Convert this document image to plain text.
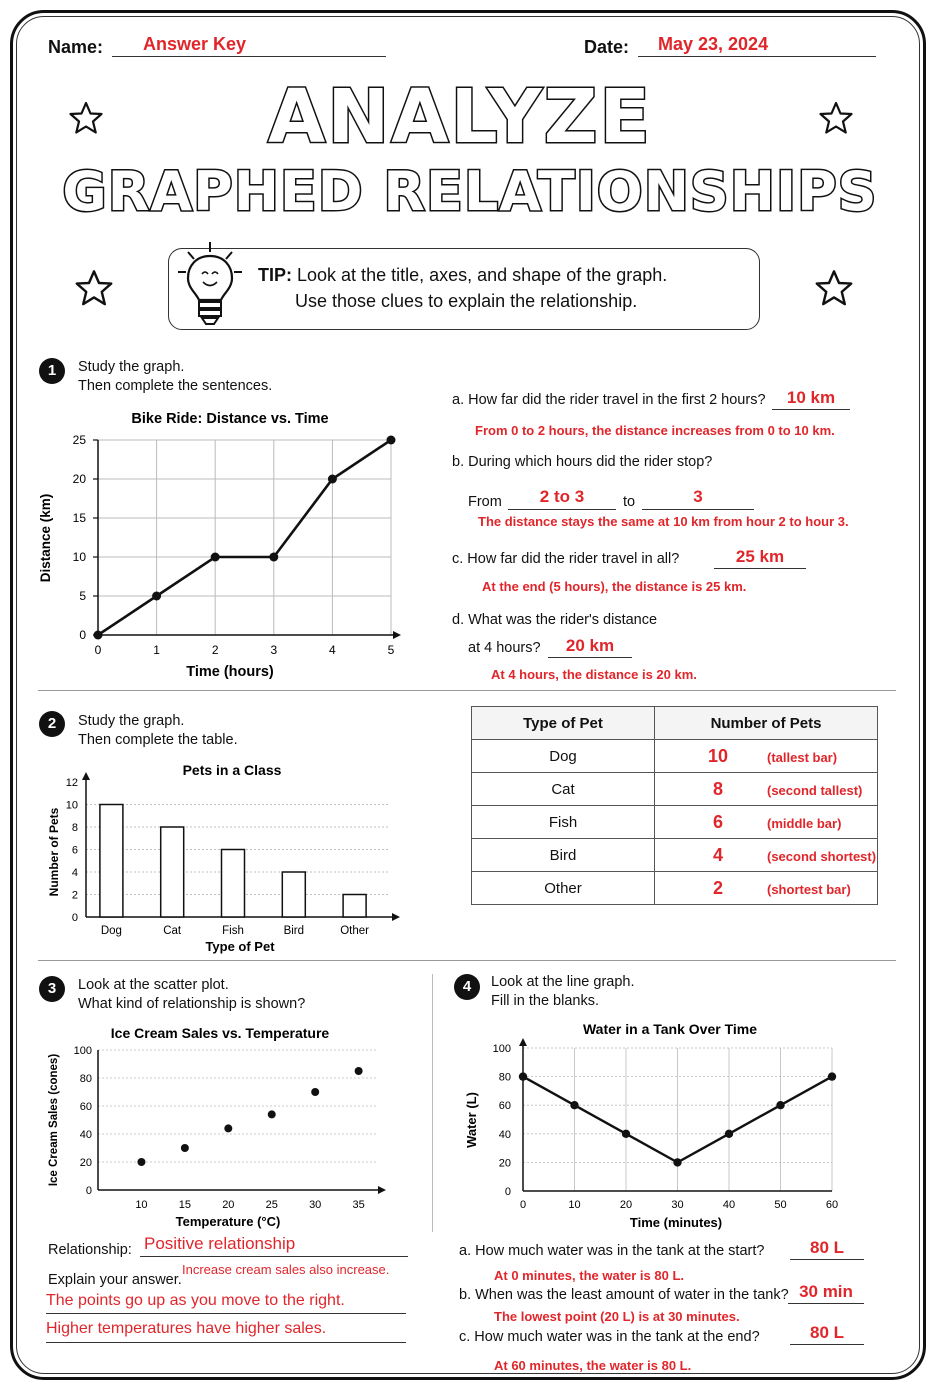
Name: Answer Key	Date: May 23, 2024
ANALYZE
GRAPHED RELATIONSHIPS
TIP: Look at the title, axes, and shape of the graph.
Use those clues to explain the relationship.
1	Study the graph.
Then complete the sentences.
Bike Ride: Distance vs. Time
Time (hours)
Distance (km)
0	1	2	3	4	5
0
5
10
15
20
25
a. How far did the rider travel in the first 2 hours?	10 km
From 0 to 2 hours, the distance increases from 0 to 10 km.
b. During which hours did the rider stop?
From	2 to 3	to	3
The distance stays the same at 10 km from hour 2 to hour 3.
c. How far did the rider travel in all?	25 km
At the end (5 hours), the distance is 25 km.
d. What was the rider's distance
at 4 hours?	20 km
At 4 hours, the distance is 20 km.
2	Study the graph.
Then complete the table.
Pets in a Class
Type of Pet
Number of Pets
0
2
4
6
8
10
12
Dog	Cat	Fish	Bird	Other
Type of Pet	Number of Pets
Dog	10 (tallest bar)
Cat	8 (second tallest)
Fish	6 (middle bar)
Bird	4 (second shortest)
Other	2 (shortest bar)
3	Look at the scatter plot.
What kind of relationship is shown?
Ice Cream Sales vs. Temperature
Temperature (°C)
Ice Cream Sales (cones)
0
20
40
60
80
100
10	15	20	25	30	35
Relationship: Positive relationship
Explain your answer.
Increase cream sales also increase.
The points go up as you move to the right.
Higher temperatures have higher sales.
4	Look at the line graph.
Fill in the blanks.
Water in a Tank Over Time
Time (minutes)
Water (L)
0	10	20	30	40	50	60
0
20
40
60
80
100
a. How much water was in the tank at the start?	80 L
At 0 minutes, the water is 80 L.
b. When was the least amount of water in the tank? 30 min
The lowest point (20 L) is at 30 minutes.
c. How much water was in the tank at the end?	80 L
At 60 minutes, the water is 80 L.
